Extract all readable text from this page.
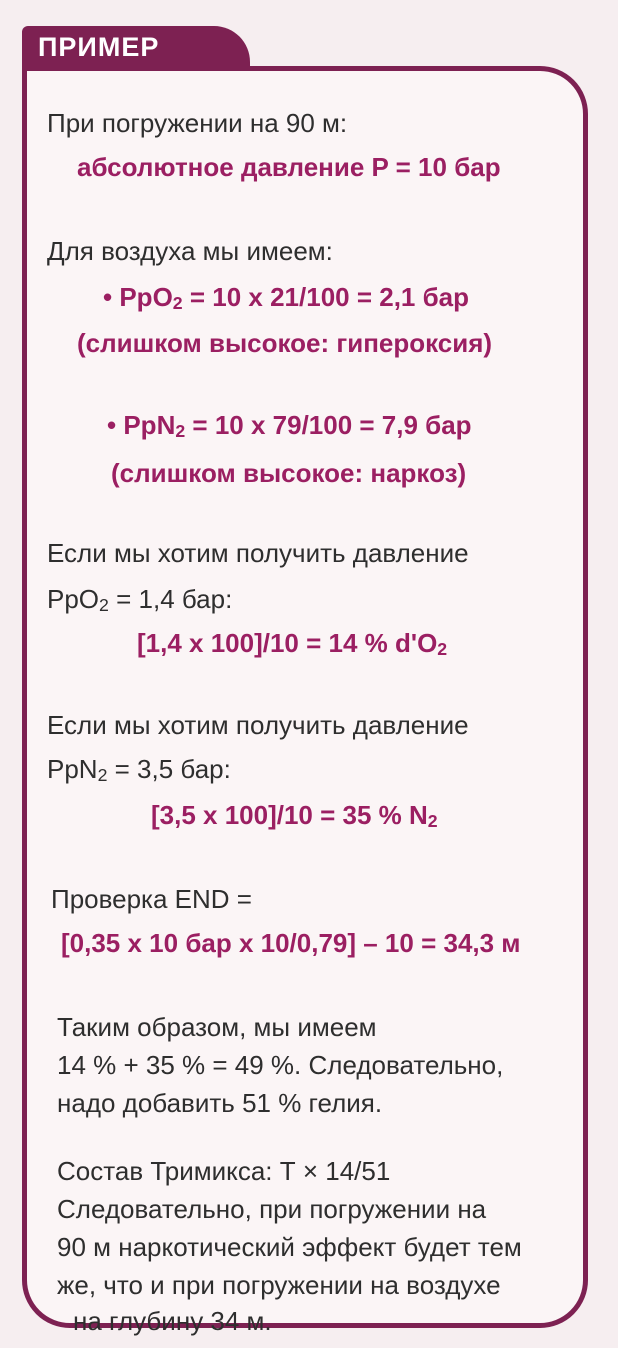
ПРИМЕР
При погружении на 90 м:
абсолютное давление P = 10 бар
Для воздуха мы имеем:
• PpO$_2$ = 10 x 21/100 = 2,1 бар
(слишком высокое: гипероксия)
• PpN$_2$ = 10 x 79/100 = 7,9 бар
(слишком высокое: наркоз)
Если мы хотим получить давление
PpO$_2$ = 1,4 бар:
[1,4 x 100]/10 = 14 % $d'O_2$
Если мы хотим получить давление
PpN$_2$ = 3,5 бар:
[3,5 x 100]/10 = 35 % $N_2$
Проверка END =
[0,35 x 10 бар x 10/0,79] – 10 = 34,3 м
Таким образом, мы имеем
14 % + 35 % = 49 %. Следовательно,
надо добавить 51 % гелия.
Состав Тримикса: Т × 14/51
Следовательно, при погружении на
90 м наркотический эффект будет тем
же, что и при погружении на воздухе
на глубину 34 м.
